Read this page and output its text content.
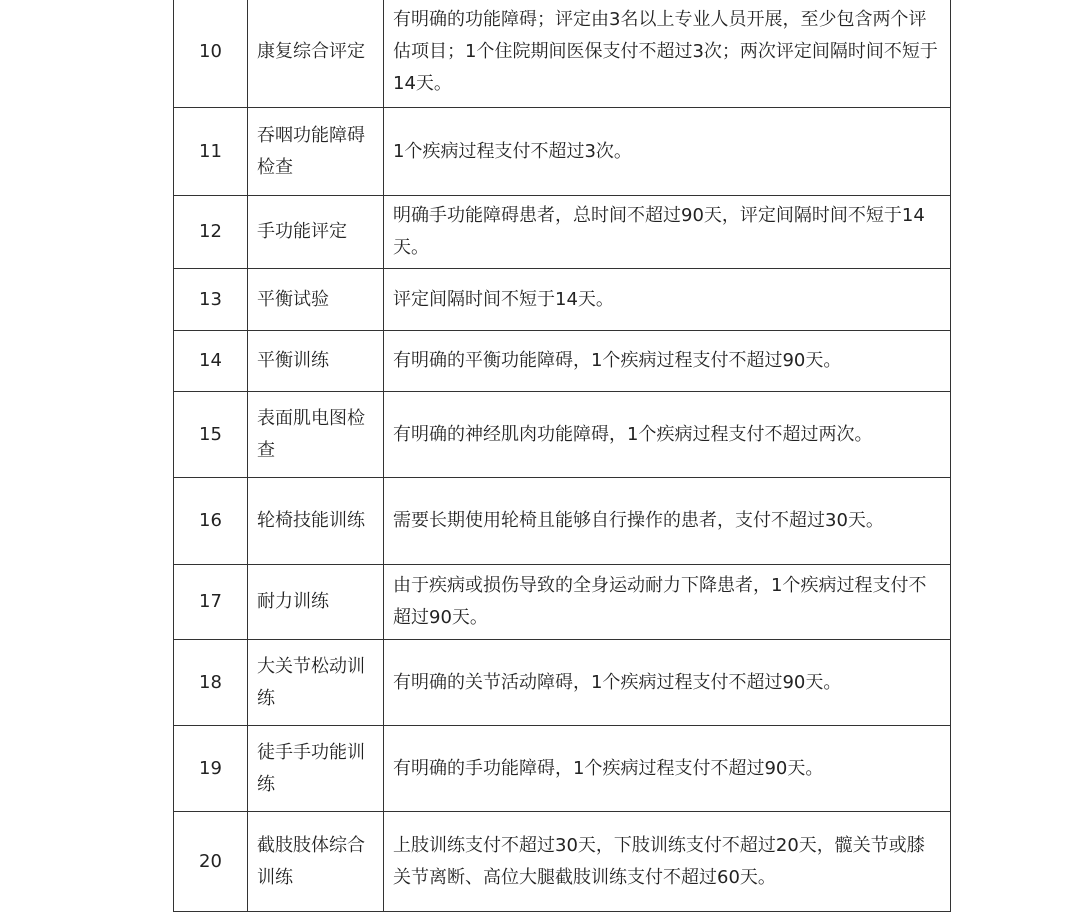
10	康复综合评定	有明确的功能障碍；评定由3名以上专业人员开展，至少包含两个评估项目；1个住院期间医保支付不超过3次；两次评定间隔时间不短于14天。
11	吞咽功能障碍检查	1个疾病过程支付不超过3次。
12	手功能评定	明确手功能障碍患者，总时间不超过90天，评定间隔时间不短于14天。
13	平衡试验	评定间隔时间不短于14天。
14	平衡训练	有明确的平衡功能障碍，1个疾病过程支付不超过90天。
15	表面肌电图检查	有明确的神经肌肉功能障碍，1个疾病过程支付不超过两次。
16	轮椅技能训练	需要长期使用轮椅且能够自行操作的患者，支付不超过30天。
17	耐力训练	由于疾病或损伤导致的全身运动耐力下降患者，1个疾病过程支付不超过90天。
18	大关节松动训练	有明确的关节活动障碍，1个疾病过程支付不超过90天。
19	徒手手功能训练	有明确的手功能障碍，1个疾病过程支付不超过90天。
20	截肢肢体综合训练	上肢训练支付不超过30天，下肢训练支付不超过20天，髋关节或膝关节离断、高位大腿截肢训练支付不超过60天。
